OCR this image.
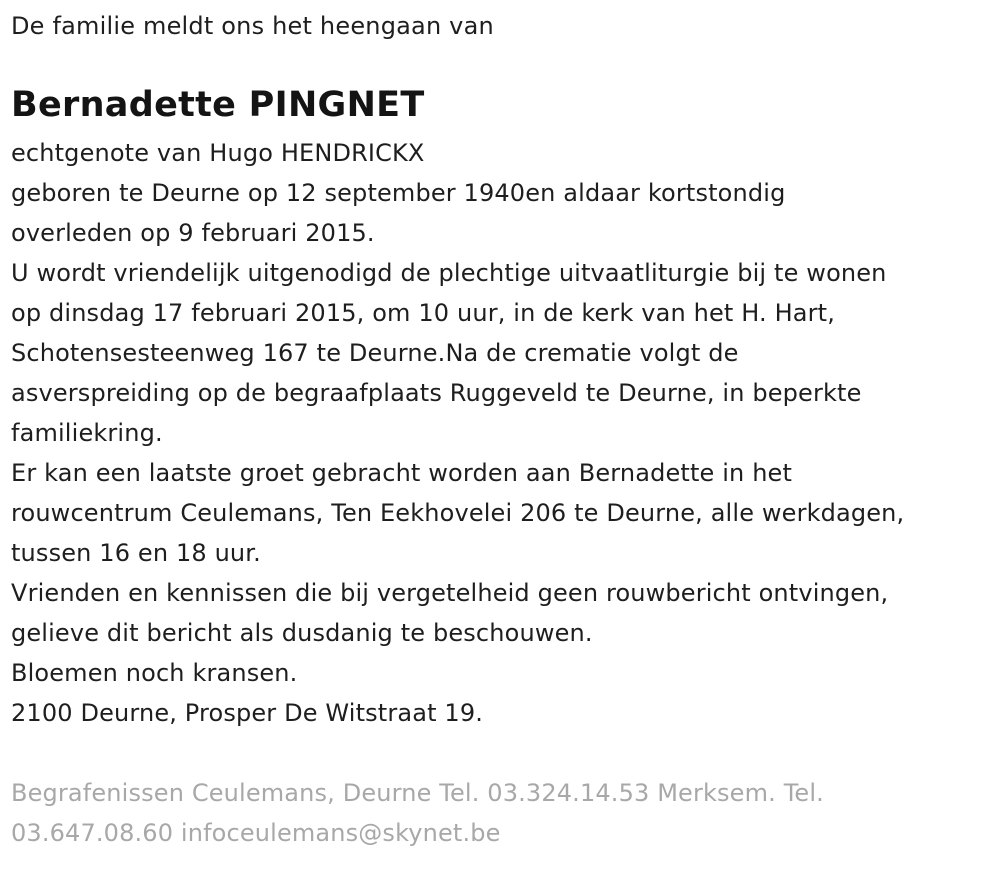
De familie meldt ons het heengaan van
Bernadette PINGNET
echtgenote van Hugo HENDRICKX
geboren te Deurne op 12 september 1940en aldaar kortstondig
overleden op 9 februari 2015.
U wordt vriendelijk uitgenodigd de plechtige uitvaatliturgie bij te wonen
op dinsdag 17 februari 2015, om 10 uur, in de kerk van het H. Hart,
Schotensesteenweg 167 te Deurne.Na de crematie volgt de
asverspreiding op de begraafplaats Ruggeveld te Deurne, in beperkte
familiekring.
Er kan een laatste groet gebracht worden aan Bernadette in het
rouwcentrum Ceulemans, Ten Eekhovelei 206 te Deurne, alle werkdagen,
tussen 16 en 18 uur.
Vrienden en kennissen die bij vergetelheid geen rouwbericht ontvingen,
gelieve dit bericht als dusdanig te beschouwen.
Bloemen noch kransen.
2100 Deurne, Prosper De Witstraat 19.
Begrafenissen Ceulemans, Deurne Tel. 03.324.14.53 Merksem. Tel.
03.647.08.60 infoceulemans@skynet.be
